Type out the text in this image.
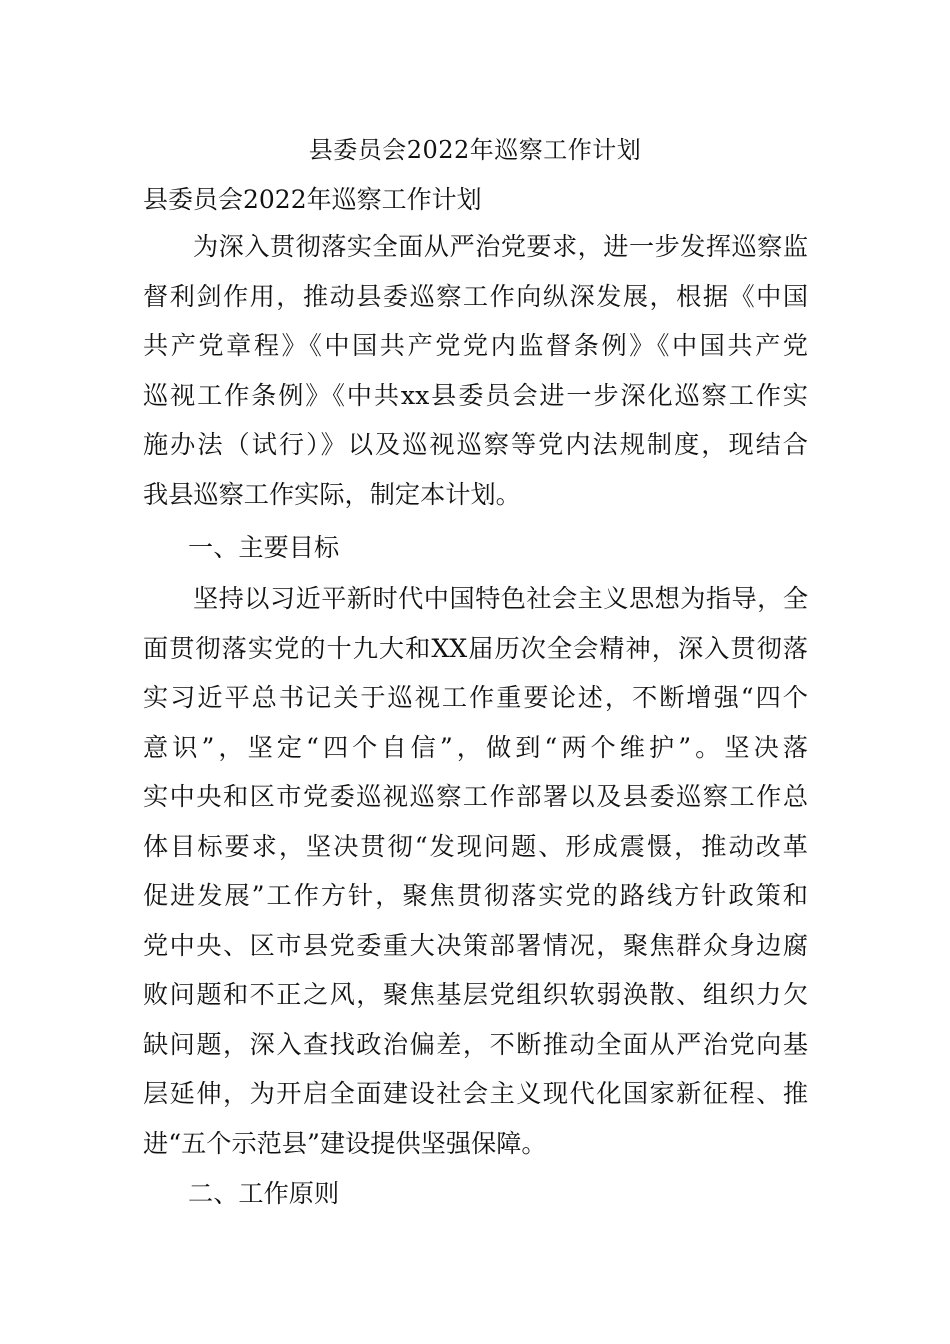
县委员会2022年巡察工作计划
县委员会2022年巡察工作计划
为深入贯彻落实全面从严治党要求，进一步发挥巡察监
督利剑作用，推动县委巡察工作向纵深发展，根据《中国
共产党章程》《中国共产党党内监督条例》《中国共产党
巡视工作条例》《中共xx县委员会进一步深化巡察工作实
施办法（试行）》以及巡视巡察等党内法规制度，现结合
我县巡察工作实际，制定本计划。
一、主要目标
坚持以习近平新时代中国特色社会主义思想为指导，全
面贯彻落实党的十九大和XX届历次全会精神，深入贯彻落
实习近平总书记关于巡视工作重要论述，不断增强“四个
意识”，坚定“四个自信”，做到“两个维护”。坚决落
实中央和区市党委巡视巡察工作部署以及县委巡察工作总
体目标要求，坚决贯彻“发现问题、形成震慑，推动改革
促进发展”工作方针，聚焦贯彻落实党的路线方针政策和
党中央、区市县党委重大决策部署情况，聚焦群众身边腐
败问题和不正之风，聚焦基层党组织软弱涣散、组织力欠
缺问题，深入查找政治偏差，不断推动全面从严治党向基
层延伸，为开启全面建设社会主义现代化国家新征程、推
进“五个示范县”建设提供坚强保障。
二、工作原则
